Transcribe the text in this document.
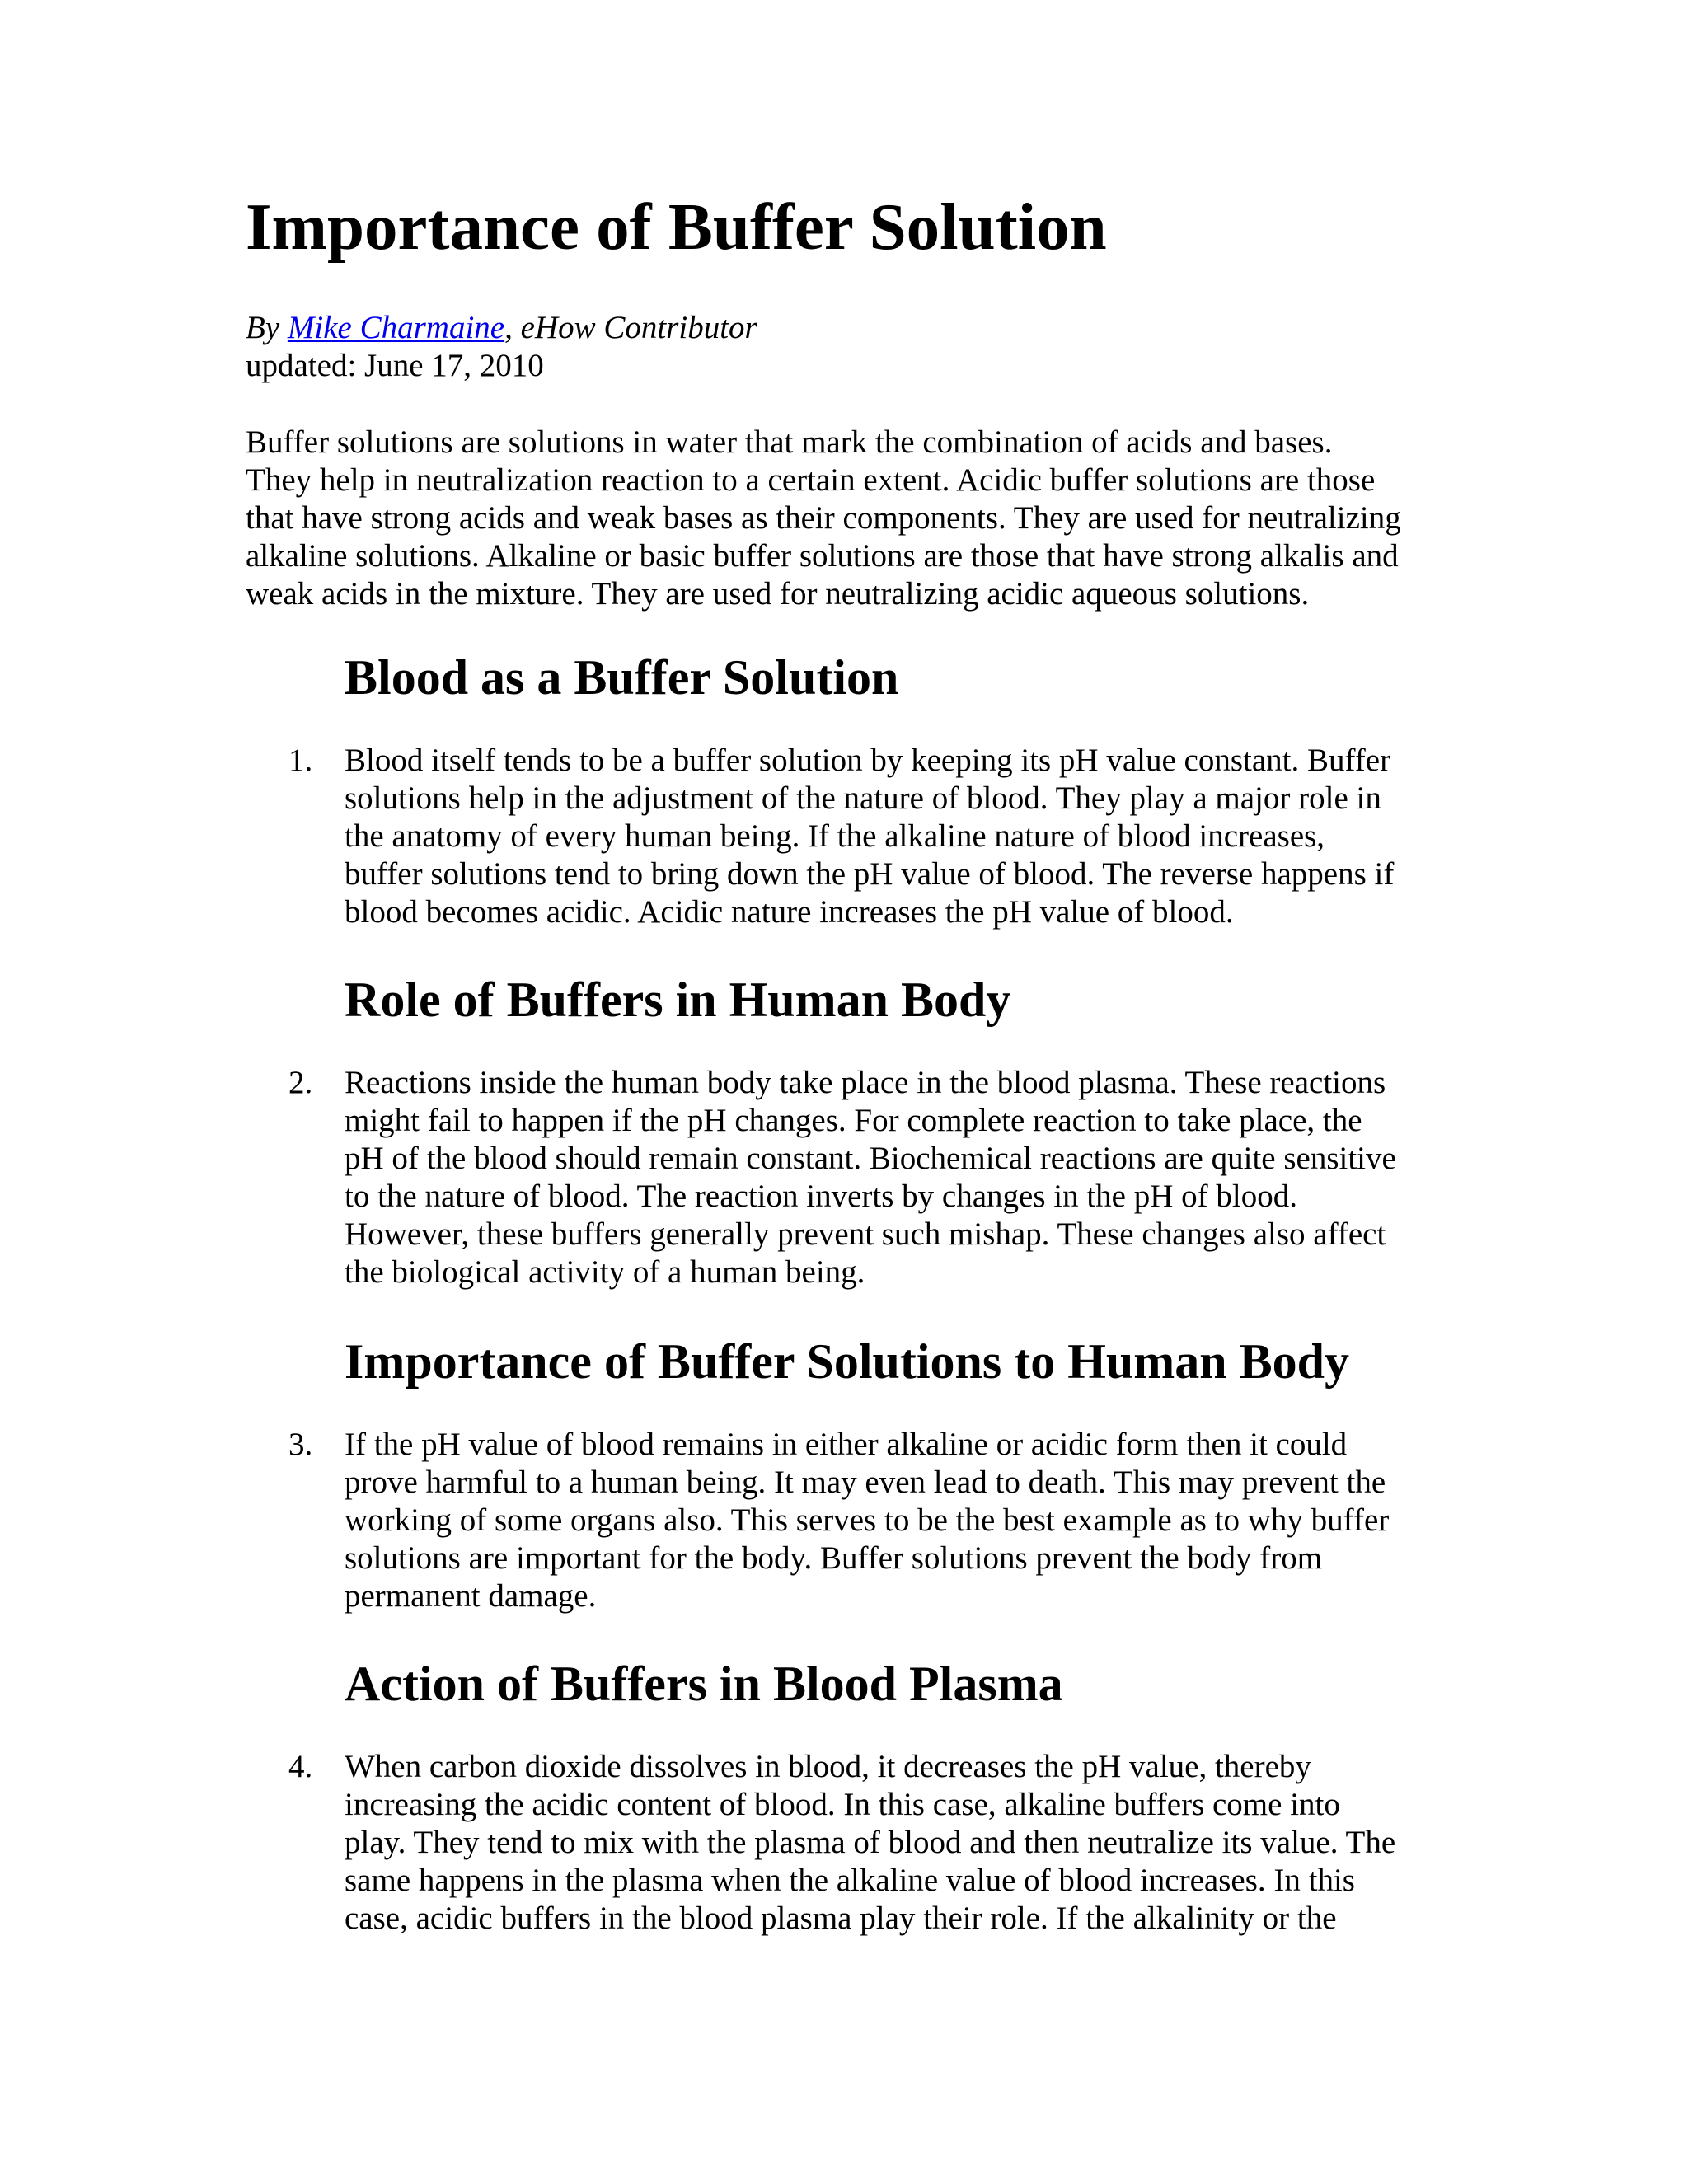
Importance of Buffer Solution
By Mike Charmaine, eHow Contributor
updated: June 17, 2010

Buffer solutions are solutions in water that mark the combination of acids and bases.
They help in neutralization reaction to a certain extent. Acidic buffer solutions are those
that have strong acids and weak bases as their components. They are used for neutralizing
alkaline solutions. Alkaline or basic buffer solutions are those that have strong alkalis and
weak acids in the mixture. They are used for neutralizing acidic aqueous solutions.

Blood as a Buffer Solution
1. Blood itself tends to be a buffer solution by keeping its pH value constant. Buffer
solutions help in the adjustment of the nature of blood. They play a major role in
the anatomy of every human being. If the alkaline nature of blood increases,
buffer solutions tend to bring down the pH value of blood. The reverse happens if
blood becomes acidic. Acidic nature increases the pH value of blood.
Role of Buffers in Human Body
2. Reactions inside the human body take place in the blood plasma. These reactions
might fail to happen if the pH changes. For complete reaction to take place, the
pH of the blood should remain constant. Biochemical reactions are quite sensitive
to the nature of blood. The reaction inverts by changes in the pH of blood.
However, these buffers generally prevent such mishap. These changes also affect
the biological activity of a human being.
Importance of Buffer Solutions to Human Body
3. If the pH value of blood remains in either alkaline or acidic form then it could
prove harmful to a human being. It may even lead to death. This may prevent the
working of some organs also. This serves to be the best example as to why buffer
solutions are important for the body. Buffer solutions prevent the body from
permanent damage.
Action of Buffers in Blood Plasma
4. When carbon dioxide dissolves in blood, it decreases the pH value, thereby
increasing the acidic content of blood. In this case, alkaline buffers come into
play. They tend to mix with the plasma of blood and then neutralize its value. The
same happens in the plasma when the alkaline value of blood increases. In this
case, acidic buffers in the blood plasma play their role. If the alkalinity or the
